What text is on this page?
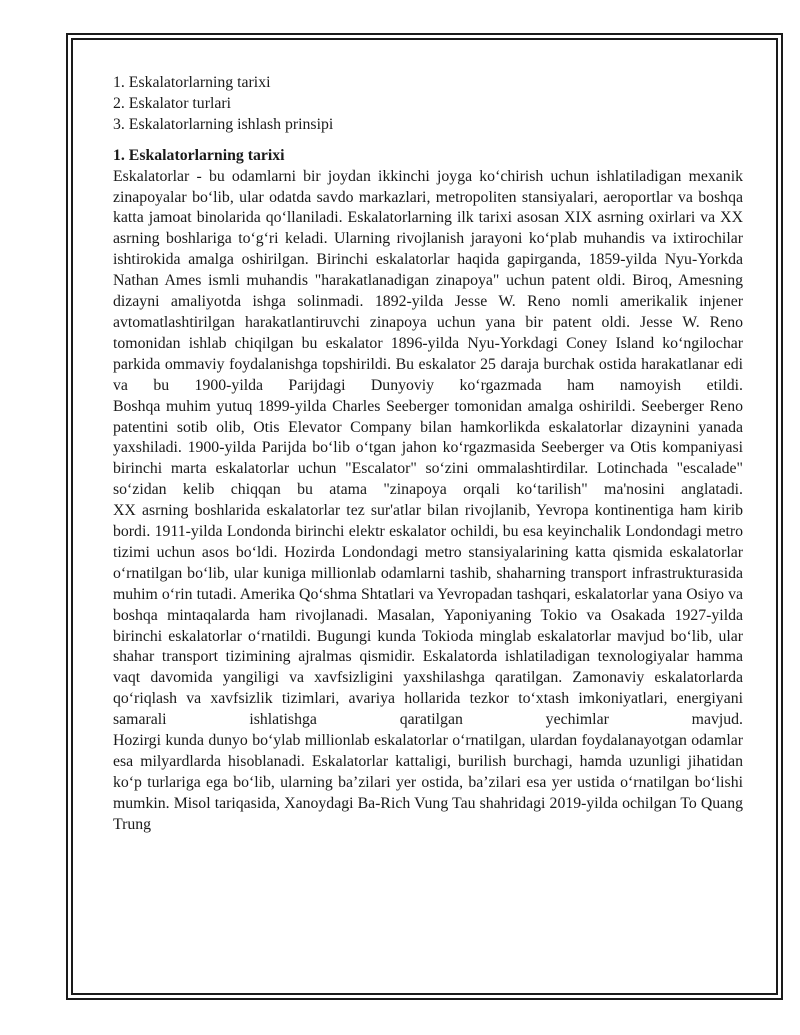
1. Eskalatorlarning tarixi
2. Eskalator turlari
3. Eskalatorlarning ishlash prinsipi

1. Eskalatorlarning tarixi

Eskalatorlar - bu odamlarni bir joydan ikkinchi joyga ko‘chirish uchun ishlatiladigan mexanik zinapoyalar bo‘lib, ular odatda savdo markazlari, metropoliten stansiyalari, aeroportlar va boshqa katta jamoat binolarida qo‘llaniladi. Eskalatorlarning ilk tarixi asosan XIX asrning oxirlari va XX asrning boshlariga to‘g‘ri keladi. Ularning rivojlanish jarayoni ko‘plab muhandis va ixtirochilar ishtirokida amalga oshirilgan. Birinchi eskalatorlar haqida gapirganda, 1859-yilda Nyu-Yorkda Nathan Ames ismli muhandis "harakatlanadigan zinapoya" uchun patent oldi. Biroq, Amesning dizayni amaliyotda ishga solinmadi. 1892-yilda Jesse W. Reno nomli amerikalik injener avtomatlashtirilgan harakatlantiruvchi zinapoya uchun yana bir patent oldi. Jesse W. Reno tomonidan ishlab chiqilgan bu eskalator 1896-yilda Nyu-Yorkdagi Coney Island ko‘ngilochar parkida ommaviy foydalanishga topshirildi. Bu eskalator 25 daraja burchak ostida harakatlanar edi va bu 1900-yilda Parijdagi Dunyoviy ko‘rgazmada ham namoyish etildi.

Boshqa muhim yutuq 1899-yilda Charles Seeberger tomonidan amalga oshirildi. Seeberger Reno patentini sotib olib, Otis Elevator Company bilan hamkorlikda eskalatorlar dizaynini yanada yaxshiladi. 1900-yilda Parijda bo‘lib o‘tgan jahon ko‘rgazmasida Seeberger va Otis kompaniyasi birinchi marta eskalatorlar uchun "Escalator" so‘zini ommalashtirdilar. Lotinchada "escalade" so‘zidan kelib chiqqan bu atama "zinapoya orqali ko‘tarilish" ma'nosini anglatadi.

XX asrning boshlarida eskalatorlar tez sur'atlar bilan rivojlanib, Yevropa kontinentiga ham kirib bordi. 1911-yilda Londonda birinchi elektr eskalator ochildi, bu esa keyinchalik Londondagi metro tizimi uchun asos bo‘ldi. Hozirda Londondagi metro stansiyalarining katta qismida eskalatorlar o‘rnatilgan bo‘lib, ular kuniga millionlab odamlarni tashib, shaharning transport infrastrukturasida muhim o‘rin tutadi. Amerika Qo‘shma Shtatlari va Yevropadan tashqari, eskalatorlar yana Osiyo va boshqa mintaqalarda ham rivojlanadi. Masalan, Yaponiyaning Tokio va Osakada 1927-yilda birinchi eskalatorlar o‘rnatildi. Bugungi kunda Tokioda minglab eskalatorlar mavjud bo‘lib, ular shahar transport tizimining ajralmas qismidir. Eskalatorda ishlatiladigan texnologiyalar hamma vaqt davomida yangiligi va xavfsizligini yaxshilashga qaratilgan. Zamonaviy eskalatorlarda qo‘riqlash va xavfsizlik tizimlari, avariya hollarida tezkor to‘xtash imkoniyatlari, energiyani samarali ishlatishga qaratilgan yechimlar mavjud.

Hozirgi kunda dunyo bo‘ylab millionlab eskalatorlar o‘rnatilgan, ulardan foydalanayotgan odamlar esa milyardlarda hisoblanadi. Eskalatorlar kattaligi, burilish burchagi, hamda uzunligi jihatidan ko‘p turlariga ega bo‘lib, ularning ba’zilari yer ostida, ba’zilari esa yer ustida o‘rnatilgan bo‘lishi mumkin. Misol tariqasida, Xanoydagi Ba-Rich Vung Tau shahridagi 2019-yilda ochilgan To Quang Trung
